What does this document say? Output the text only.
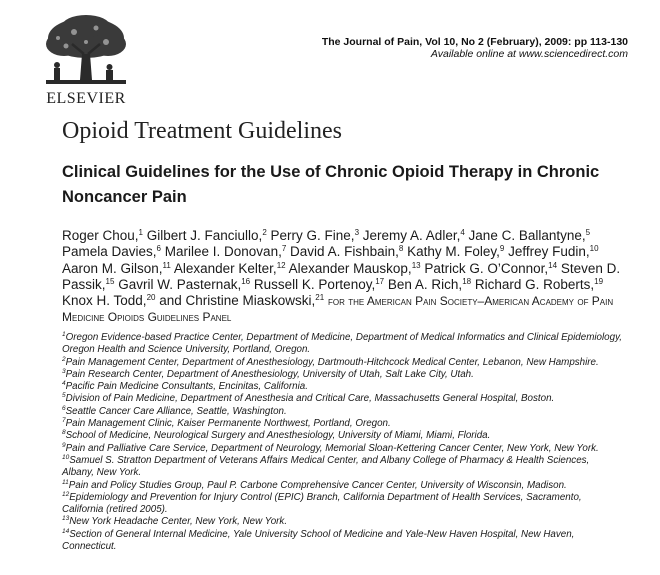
ELSEVIER
The Journal of Pain, Vol 10, No 2 (February), 2009: pp 113-130
Available online at www.sciencedirect.com
Opioid Treatment Guidelines
Clinical Guidelines for the Use of Chronic Opioid Therapy in Chronic Noncancer Pain
Roger Chou,$^1$ Gilbert J. Fanciullo,$^2$ Perry G. Fine,$^3$ Jeremy A. Adler,$^4$ Jane C. Ballantyne,$^5$ Pamela Davies,$^6$ Marilee I. Donovan,$^7$ David A. Fishbain,$^8$ Kathy M. Foley,$^9$ Jeffrey Fudin,$^{10}$ Aaron M. Gilson,$^{11}$ Alexander Kelter,$^{12}$ Alexander Mauskop,$^{13}$ Patrick G. O’Connor,$^{14}$ Steven D. Passik,$^{15}$ Gavril W. Pasternak,$^{16}$ Russell K. Portenoy,$^{17}$ Ben A. Rich,$^{18}$ Richard G. Roberts,$^{19}$ Knox H. Todd,$^{20}$ and Christine Miaskowski,$^{21}$ for the American Pain Society–American Academy of Pain Medicine Opioids Guidelines Panel

$^1$Oregon Evidence-based Practice Center, Department of Medicine, Department of Medical Informatics and Clinical Epidemiology, Oregon Health and Science University, Portland, Oregon.

$^2$Pain Management Center, Department of Anesthesiology, Dartmouth-Hitchcock Medical Center, Lebanon, New Hampshire.

$^3$Pain Research Center, Department of Anesthesiology, University of Utah, Salt Lake City, Utah.

$^4$Pacific Pain Medicine Consultants, Encinitas, California.

$^5$Division of Pain Medicine, Department of Anesthesia and Critical Care, Massachusetts General Hospital, Boston.

$^6$Seattle Cancer Care Alliance, Seattle, Washington.

$^7$Pain Management Clinic, Kaiser Permanente Northwest, Portland, Oregon.

$^8$School of Medicine, Neurological Surgery and Anesthesiology, University of Miami, Miami, Florida.

$^9$Pain and Palliative Care Service, Department of Neurology, Memorial Sloan-Kettering Cancer Center, New York, New York.

$^{10}$Samuel S. Stratton Department of Veterans Affairs Medical Center, and Albany College of Pharmacy & Health Sciences, Albany, New York.

$^{11}$Pain and Policy Studies Group, Paul P. Carbone Comprehensive Cancer Center, University of Wisconsin, Madison.

$^{12}$Epidemiology and Prevention for Injury Control (EPIC) Branch, California Department of Health Services, Sacramento, California (retired 2005).

$^{13}$New York Headache Center, New York, New York.

$^{14}$Section of General Internal Medicine, Yale University School of Medicine and Yale-New Haven Hospital, New Haven, Connecticut.
